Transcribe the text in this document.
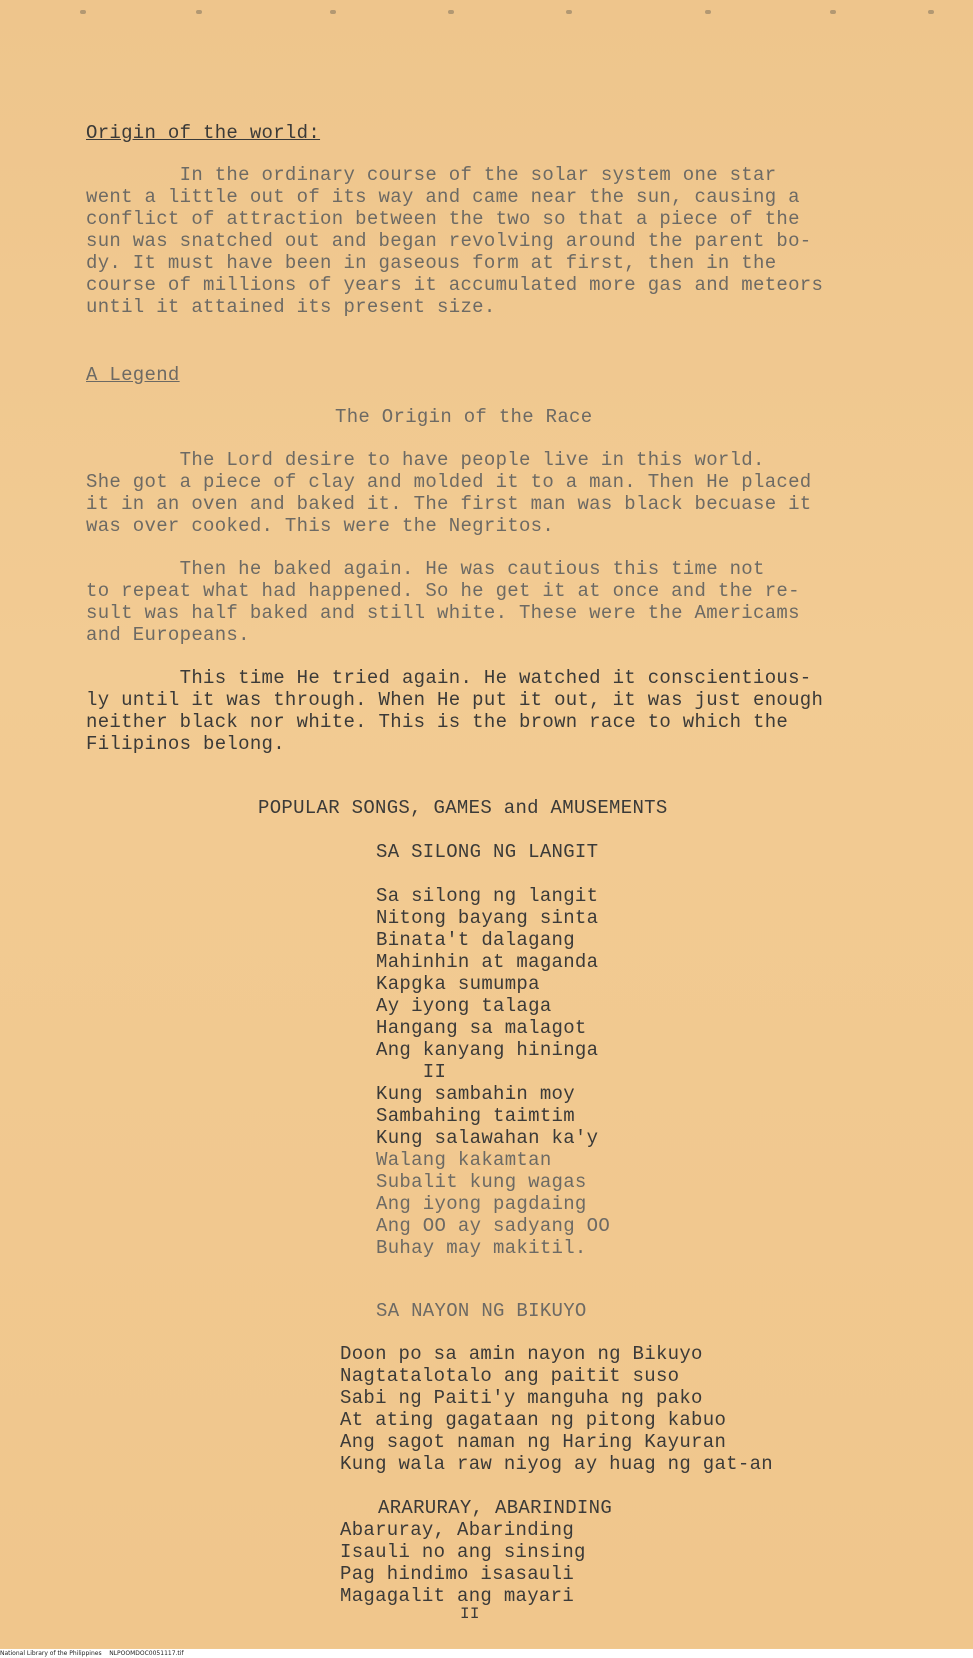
Origin of the world:
In the ordinary course of the solar system one star
went a little out of its way and came near the sun, causing a
conflict of attraction between the two so that a piece of the
sun was snatched out and began revolving around the parent bo-
dy. It must have been in gaseous form at first, then in the
course of millions of years it accumulated more gas and meteors
until it attained its present size.
A Legend
The Origin of the Race
The Lord desire to have people live in this world.
She got a piece of clay and molded it to a man. Then He placed
it in an oven and baked it. The first man was black becuase it
was over cooked. This were the Negritos.
Then he baked again. He was cautious this time not
to repeat what had happened. So he get it at once and the re-
sult was half baked and still white. These were the Americams
and Europeans.
This time He tried again. He watched it conscientious-
ly until it was through. When He put it out, it was just enough
neither black nor white. This is the brown race to which the
Filipinos belong.
POPULAR SONGS, GAMES and AMUSEMENTS
SA SILONG NG LANGIT
Sa silong ng langit
Nitong bayang sinta
Binata't dalagang
Mahinhin at maganda
Kapgka sumumpa
Ay iyong talaga
Hangang sa malagot
Ang kanyang hininga
II
Kung sambahin moy
Sambahing taimtim
Kung salawahan ka'y
Walang kakamtan
Subalit kung wagas
Ang iyong pagdaing
Ang OO ay sadyang OO
Buhay may makitil.
SA NAYON NG BIKUYO
Doon po sa amin nayon ng Bikuyo
Nagtatalotalo ang paitit suso
Sabi ng Paiti'y manguha ng pako
At ating gagataan ng pitong kabuo
Ang sagot naman ng Haring Kayuran
Kung wala raw niyog ay huag ng gat-an
ARARURAY, ABARINDING
Abaruray, Abarinding
Isauli no ang sinsing
Pag hindimo isasauli
Magagalit ang mayari
II
National Library of the Philippines    NLPOOMDOC0051117.tif
